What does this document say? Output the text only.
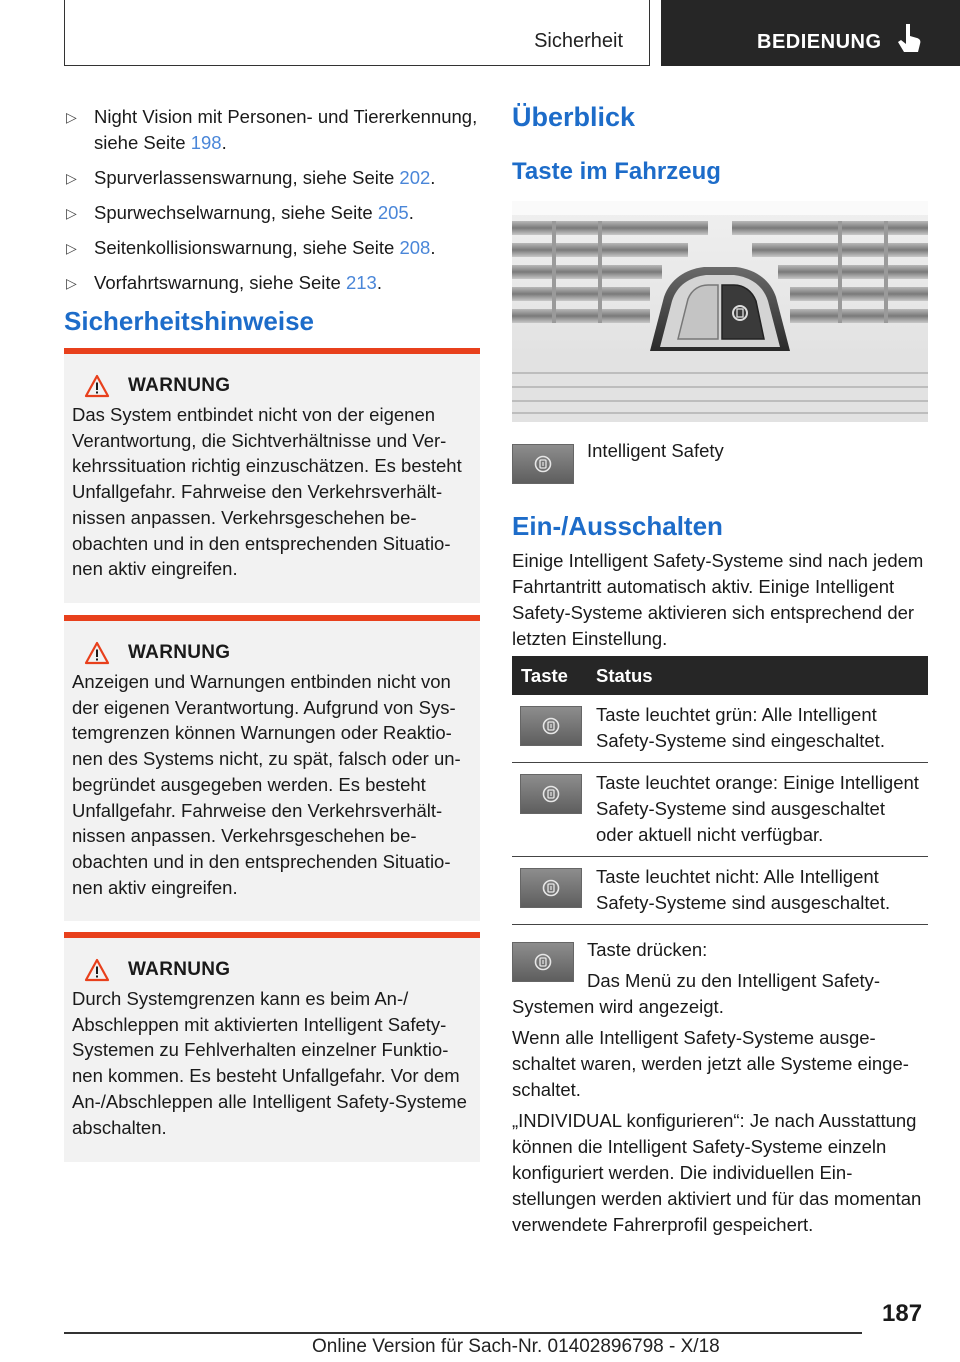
Sicherheit	BEDIENUNG
▷ Night Vision mit Personen- und Tiererkennung, siehe Seite 198.
▷ Spurverlassenswarnung, siehe Seite 202.
▷ Spurwechselwarnung, siehe Seite 205.
▷ Seitenkollisionswarnung, siehe Seite 208.
▷ Vorfahrtswarnung, siehe Seite 213.
Sicherheitshinweise
WARNUNG

Das System entbindet nicht von der eigenen Verantwortung, die Sichtverhältnisse und Verkehrssituation richtig einzuschätzen. Es besteht Unfallgefahr. Fahrweise den Verkehrsverhältnissen anpassen. Verkehrsgeschehen beobachten und in den entsprechenden Situationen aktiv eingreifen.

WARNUNG

Anzeigen und Warnungen entbinden nicht von der eigenen Verantwortung. Aufgrund von Systemgrenzen können Warnungen oder Reaktionen des Systems nicht, zu spät, falsch oder unbegründet ausgegeben werden. Es besteht Unfallgefahr. Fahrweise den Verkehrsverhältnissen anpassen. Verkehrsgeschehen beobachten und in den entsprechenden Situationen aktiv eingreifen.

WARNUNG

Durch Systemgrenzen kann es beim An-/ Abschleppen mit aktivierten Intelligent Safety-Systemen zu Fehlverhalten einzelner Funktionen kommen. Es besteht Unfallgefahr. Vor dem An-/Abschleppen alle Intelligent Safety-Systeme abschalten.

Überblick
Taste im Fahrzeug
Intelligent Safety
Ein-/Ausschalten

Einige Intelligent Safety-Systeme sind nach jedem Fahrtantritt automatisch aktiv. Einige Intelligent Safety-Systeme aktivieren sich entsprechend der letzten Einstellung.

Taste	Status

	Taste leuchtet grün: Alle Intelligent Safety-Systeme sind eingeschaltet.

	Taste leuchtet orange: Einige Intelligent Safety-Systeme sind ausgeschaltet oder aktuell nicht verfügbar.

	Taste leuchtet nicht: Alle Intelligent Safety-Systeme sind ausgeschaltet.
Taste drücken:

Das Menü zu den Intelligent Safety-Systemen wird angezeigt.

Wenn alle Intelligent Safety-Systeme ausgeschaltet waren, werden jetzt alle Systeme eingeschaltet.

„INDIVIDUAL konfigurieren“: Je nach Ausstattung können die Intelligent Safety-Systeme einzeln konfiguriert werden. Die individuellen Einstellungen werden aktiviert und für das momentan verwendete Fahrerprofil gespeichert.

187
Online Version für Sach-Nr. 01402896798 - X/18
